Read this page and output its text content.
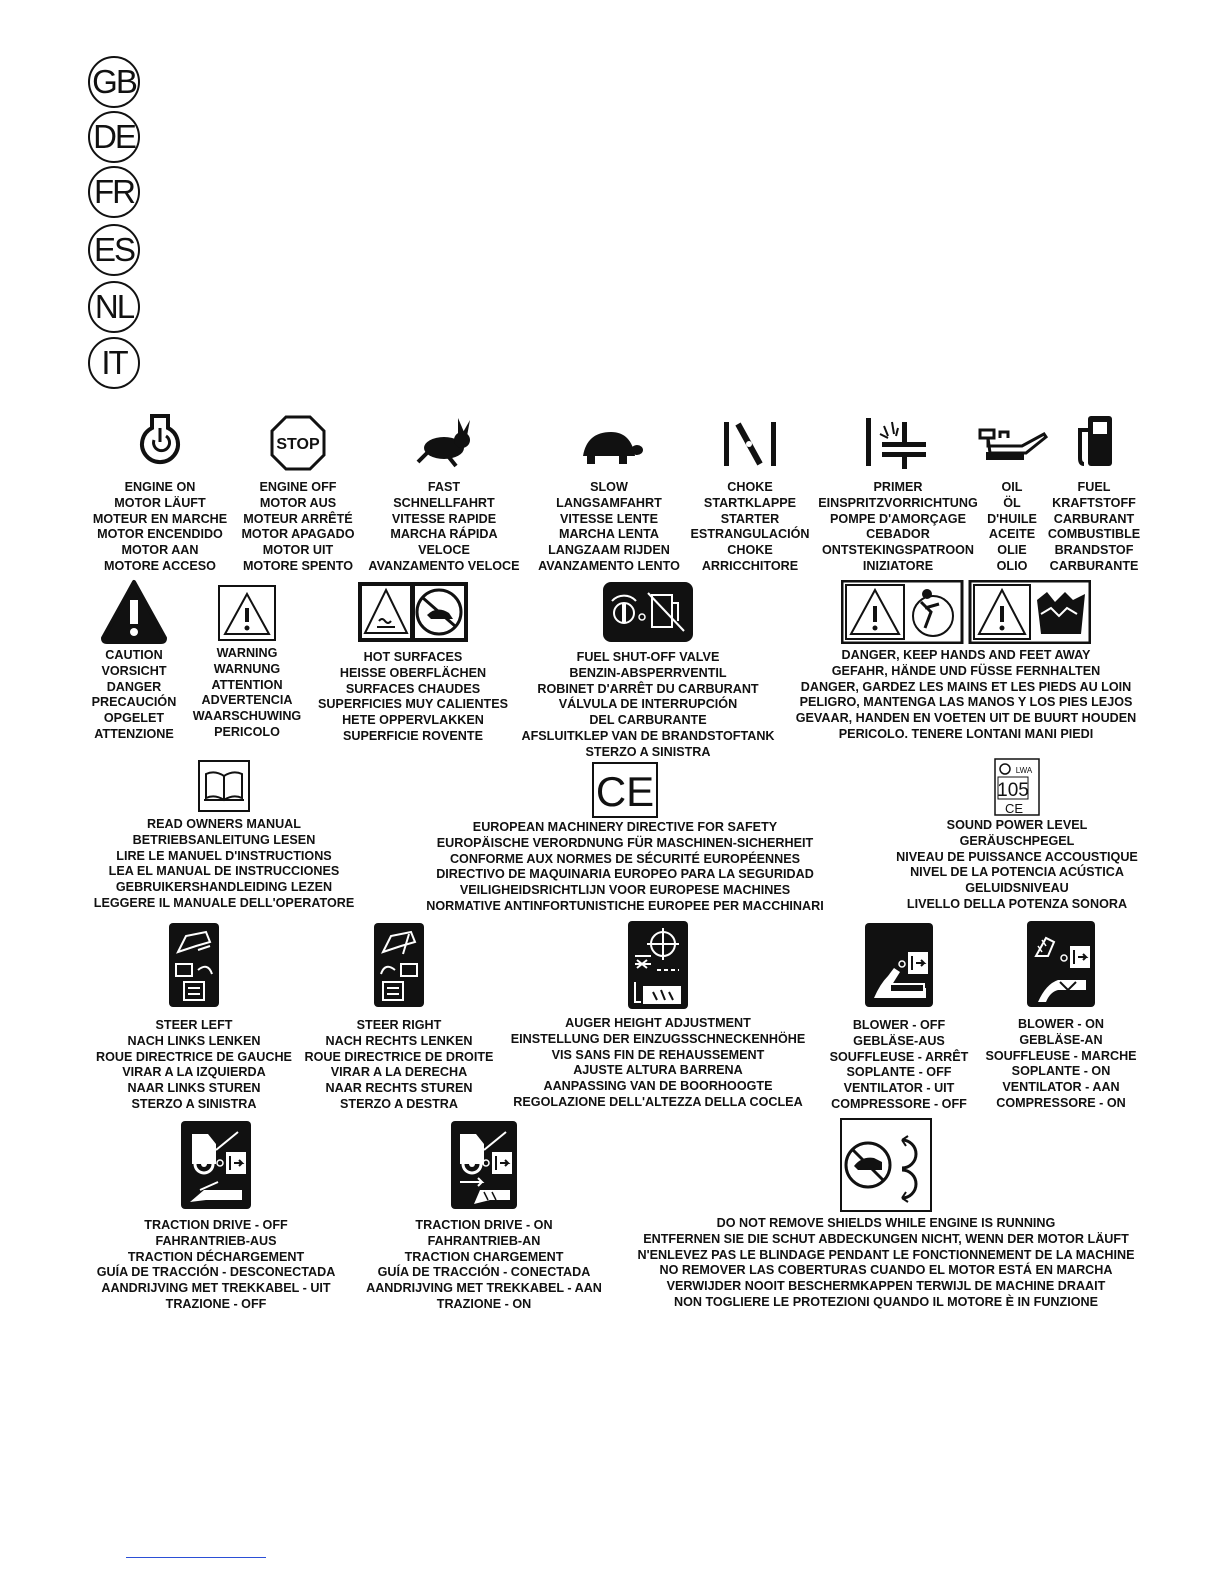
GB
DE
FR
ES
NL
IT
ENGINE ON
MOTOR LÄUFT
MOTEUR EN MARCHE
MOTOR ENCENDIDO
MOTOR AAN
MOTORE ACCESO
STOP
ENGINE OFF
MOTOR AUS
MOTEUR ARRÊTÉ
MOTOR APAGADO
MOTOR UIT
MOTORE SPENTO
FAST
SCHNELLFAHRT
VITESSE RAPIDE
MARCHA RÁPIDA
VELOCE
AVANZAMENTO VELOCE
SLOW
LANGSAMFAHRT
VITESSE LENTE
MARCHA LENTA
LANGZAAM RIJDEN
AVANZAMENTO LENTO
CHOKE
STARTKLAPPE
STARTER
ESTRANGULACIÓN
CHOKE
ARRICCHITORE
PRIMER
EINSPRITZVORRICHTUNG
POMPE D'AMORÇAGE
CEBADOR
ONTSTEKINGSPATROON
INIZIATORE
OIL
ÖL
D'HUILE
ACEITE
OLIE
OLIO
FUEL
KRAFTSTOFF
CARBURANT
COMBUSTIBLE
BRANDSTOF
CARBURANTE
CAUTION
VORSICHT
DANGER
PRECAUCIÓN
OPGELET
ATTENZIONE
WARNING
WARNUNG
ATTENTION
ADVERTENCIA
WAARSCHUWING
PERICOLO
HOT SURFACES
HEISSE OBERFLÄCHEN
SURFACES CHAUDES
SUPERFICIES MUY CALIENTES
HETE OPPERVLAKKEN
SUPERFICIE ROVENTE
FUEL SHUT-OFF VALVE
BENZIN-ABSPERRVENTIL
ROBINET D'ARRÊT DU CARBURANT
VÁLVULA DE INTERRUPCIÓN
DEL CARBURANTE
AFSLUITKLEP VAN DE BRANDSTOFTANK
STERZO A SINISTRA
DANGER, KEEP HANDS AND FEET AWAY
GEFAHR, HÄNDE UND FÜSSE FERNHALTEN
DANGER, GARDEZ LES MAINS ET LES PIEDS AU LOIN
PELIGRO, MANTENGA LAS MANOS Y LOS PIES LEJOS
GEVAAR, HANDEN EN VOETEN UIT DE BUURT HOUDEN
PERICOLO. TENERE LONTANI MANI PIEDI
READ OWNERS MANUAL
BETRIEBSANLEITUNG LESEN
LIRE LE MANUEL D'INSTRUCTIONS
LEA EL MANUAL DE INSTRUCCIONES
GEBRUIKERSHANDLEIDING LEZEN
LEGGERE IL MANUALE DELL'OPERATORE
CE
EUROPEAN MACHINERY DIRECTIVE FOR SAFETY
EUROPÄISCHE VERORDNUNG FÜR MASCHINEN-SICHERHEIT
CONFORME AUX NORMES DE SÉCURITÉ EUROPÉENNES
DIRECTIVO DE MAQUINARIA EUROPEO PARA LA SEGURIDAD
VEILIGHEIDSRICHTLIJN VOOR EUROPESE MACHINES
NORMATIVE ANTINFORTUNISTICHE EUROPEE PER MACCHINARI
LWA
105
CE
SOUND POWER LEVEL
GERÄUSCHPEGEL
NIVEAU DE PUISSANCE ACCOUSTIQUE
NIVEL DE LA POTENCIA ACÚSTICA
GELUIDSNIVEAU
LIVELLO DELLA POTENZA SONORA
STEER LEFT
NACH LINKS LENKEN
ROUE DIRECTRICE DE GAUCHE
VIRAR A LA IZQUIERDA
NAAR LINKS STUREN
STERZO A SINISTRA
STEER RIGHT
NACH RECHTS LENKEN
ROUE DIRECTRICE DE DROITE
VIRAR A LA DERECHA
NAAR RECHTS STUREN
STERZO A DESTRA
AUGER HEIGHT ADJUSTMENT
EINSTELLUNG DER EINZUGSSCHNECKENHÖHE
VIS SANS FIN DE REHAUSSEMENT
AJUSTE ALTURA BARRENA
AANPASSING VAN DE BOORHOOGTE
REGOLAZIONE DELL'ALTEZZA DELLA COCLEA
BLOWER - OFF
GEBLÄSE-AUS
SOUFFLEUSE - ARRÊT
SOPLANTE - OFF
VENTILATOR - UIT
COMPRESSORE - OFF
BLOWER - ON
GEBLÄSE-AN
SOUFFLEUSE - MARCHE
SOPLANTE - ON
VENTILATOR - AAN
COMPRESSORE - ON
TRACTION DRIVE - OFF
FAHRANTRIEB-AUS
TRACTION DÉCHARGEMENT
GUÍA DE TRACCIÓN - DESCONECTADA
AANDRIJVING MET TREKKABEL - UIT
TRAZIONE - OFF
TRACTION DRIVE - ON
FAHRANTRIEB-AN
TRACTION CHARGEMENT
GUÍA DE TRACCIÓN - CONECTADA
AANDRIJVING MET TREKKABEL - AAN
TRAZIONE - ON
DO NOT REMOVE SHIELDS WHILE ENGINE IS RUNNING
ENTFERNEN SIE DIE SCHUT ABDECKUNGEN NICHT, WENN DER MOTOR LÄUFT
N'ENLEVEZ PAS LE BLINDAGE PENDANT LE FONCTIONNEMENT DE LA MACHINE
NO REMOVER LAS COBERTURAS CUANDO EL MOTOR ESTÁ EN MARCHA
VERWIJDER NOOIT BESCHERMKAPPEN TERWIJL DE MACHINE DRAAIT
NON TOGLIERE LE PROTEZIONI QUANDO IL MOTORE È IN FUNZIONE
